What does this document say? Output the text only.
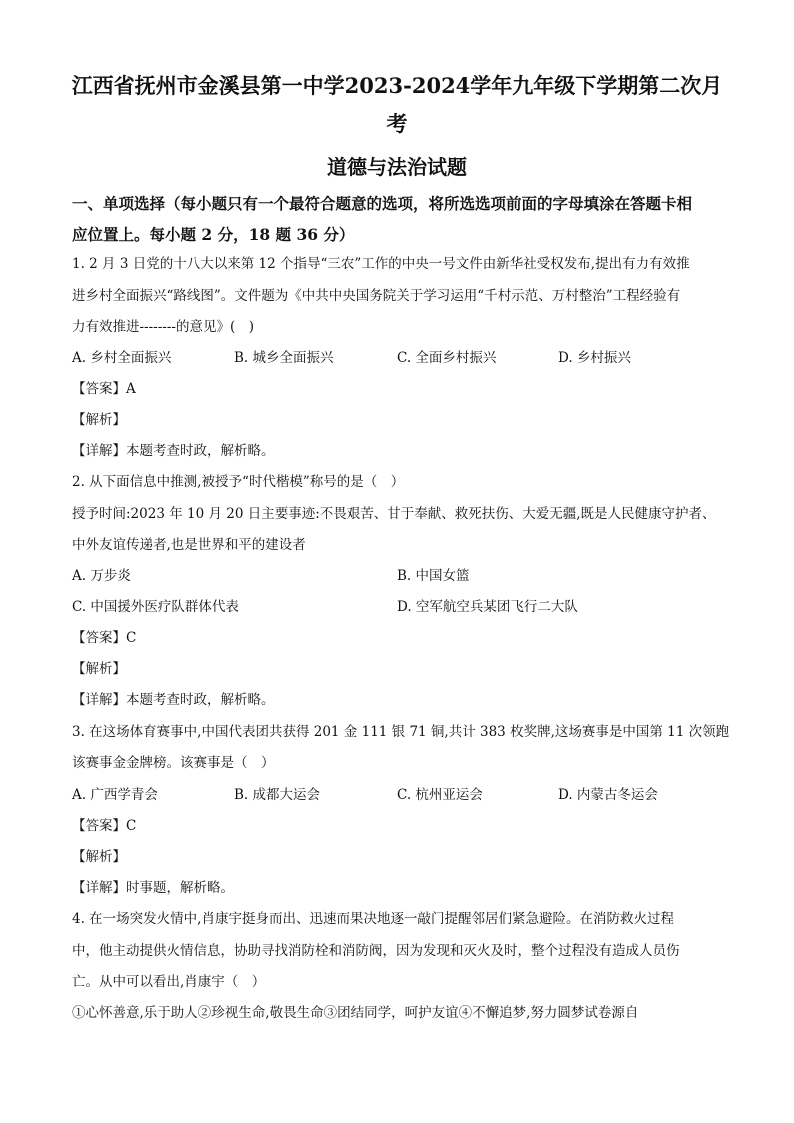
江西省抚州市金溪县第一中学2023-2024学年九年级下学期第二次月
考
道德与法治试题
一、单项选择（每小题只有一个最符合题意的选项，将所选选项前面的字母填涂在答题卡相
应位置上。每小题 2 分，18 题 36 分）
1. 2 月 3 日党的十八大以来第 12 个指导“三农”工作的中央一号文件由新华社受权发布,提出有力有效推
进乡村全面振兴“路线图”。文件题为《中共中央国务院关于学习运用“千村示范、万村整治”工程经验有
力有效推进--------的意见》(　)
A. 乡村全面振兴	B. 城乡全面振兴	C. 全面乡村振兴	D. 乡村振兴
【答案】A
【解析】
【详解】本题考查时政，解析略。
2. 从下面信息中推测,被授予“时代楷模”称号的是（　）
授予时间:2023 年 10 月 20 日主要事迹:不畏艰苦、甘于奉献、救死扶伤、大爱无疆,既是人民健康守护者、
中外友谊传递者,也是世界和平的建设者
A. 万步炎	B. 中国女篮
C. 中国援外医疗队群体代表	D. 空军航空兵某团飞行二大队
【答案】C
【解析】
【详解】本题考查时政，解析略。
3. 在这场体育赛事中,中国代表团共获得 201 金 111 银 71 铜,共计 383 枚奖牌,这场赛事是中国第 11 次领跑
该赛事金金牌榜。该赛事是（　）
A. 广西学青会	B. 成都大运会	C. 杭州亚运会	D. 内蒙古冬运会
【答案】C
【解析】
【详解】时事题，解析略。
4. 在一场突发火情中,肖康宇挺身而出、迅速而果决地逐一敲门提醒邻居们紧急避险。在消防救火过程
中，他主动提供火情信息，协助寻找消防栓和消防阀，因为发现和灭火及时，整个过程没有造成人员伤
亡。从中可以看出,肖康宇（　）
①心怀善意,乐于助人②珍视生命,敬畏生命③团结同学，呵护友谊④不懈追梦,努力圆梦试卷源自
